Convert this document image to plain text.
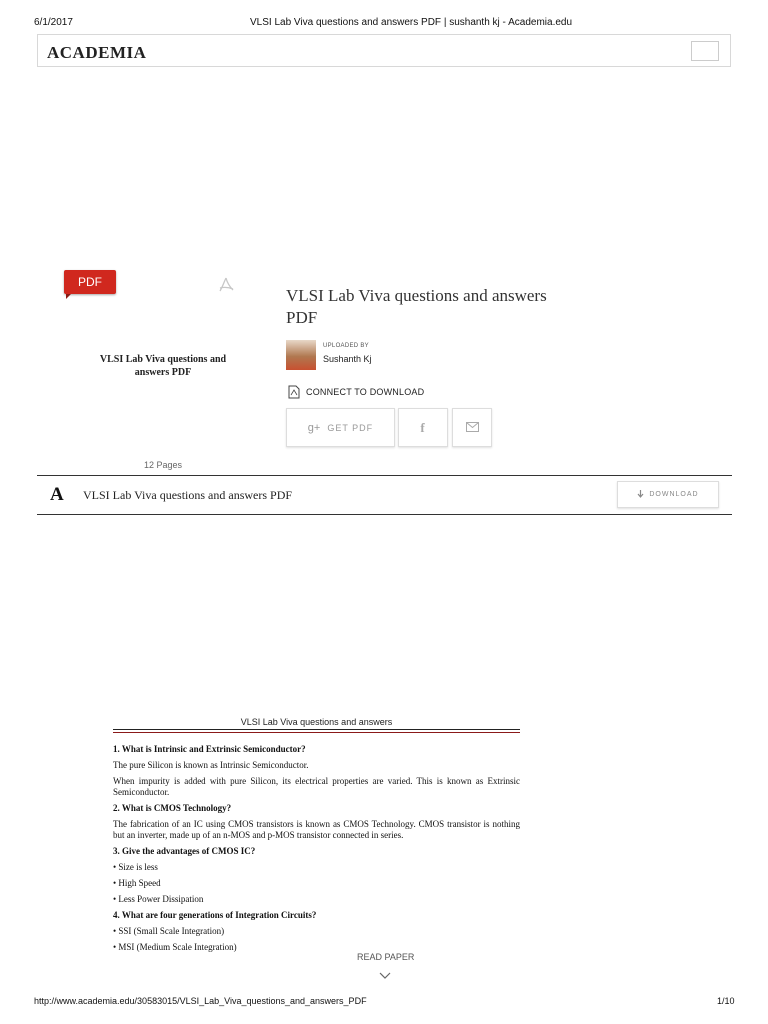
6/1/2017	VLSI Lab Viva questions and answers PDF | sushanth kj - Academia.edu
ACADEMIA
PDF
VLSI Lab Viva questions and answers PDF
12 Pages
VLSI Lab Viva questions and answers PDF
UPLOADED BY
Sushanth Kj
CONNECT TO DOWNLOAD
g+ GET PDF	f
A VLSI Lab Viva questions and answers PDF	DOWNLOAD
VLSI Lab Viva questions and answers
1. What is Intrinsic and Extrinsic Semiconductor?
The pure Silicon is known as Intrinsic Semiconductor.
When impurity is added with pure Silicon, its electrical properties are varied. This is known as Extrinsic Semiconductor.
2. What is CMOS Technology?
The fabrication of an IC using CMOS transistors is known as CMOS Technology. CMOS transistor is nothing but an inverter, made up of an n-MOS and p-MOS transistor connected in series.
3. Give the advantages of CMOS IC?
• Size is less
• High Speed
• Less Power Dissipation
4. What are four generations of Integration Circuits?
• SSI (Small Scale Integration)
• MSI (Medium Scale Integration)
READ PAPER
http://www.academia.edu/30583015/VLSI_Lab_Viva_questions_and_answers_PDF	1/10
